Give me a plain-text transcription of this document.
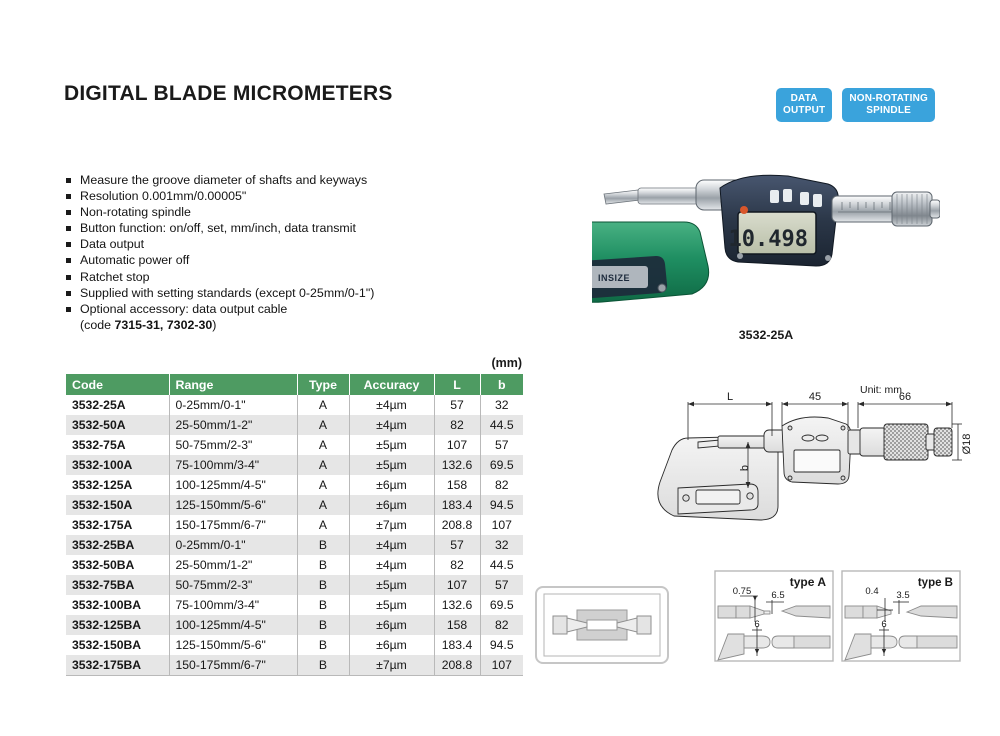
DIGITAL BLADE MICROMETERS	DATA
OUTPUT
NON-ROTATING
SPINDLE
Measure the groove diameter of shafts and keyways
Resolution 0.001mm/0.00005"
Non-rotating spindle
Button function: on/off, set, mm/inch, data transmit
Data output
Automatic power off
Ratchet stop
Supplied with setting standards (except 0-25mm/0-1")
Optional accessory: data output cable
(code 7315-31, 7302-30)
(mm)
Code	Range	Type	Accuracy	L	b
3532-25A	0-25mm/0-1"	A	±4µm	57	32
3532-50A	25-50mm/1-2"	A	±4µm	82	44.5
3532-75A	50-75mm/2-3"	A	±5µm	107	57
3532-100A	75-100mm/3-4"	A	±5µm	132.6	69.5
3532-125A	100-125mm/4-5"	A	±6µm	158	82
3532-150A	125-150mm/5-6"	A	±6µm	183.4	94.5
3532-175A	150-175mm/6-7"	A	±7µm	208.8	107
3532-25BA	0-25mm/0-1"	B	±4µm	57	32
3532-50BA	25-50mm/1-2"	B	±4µm	82	44.5
3532-75BA	50-75mm/2-3"	B	±5µm	107	57
3532-100BA	75-100mm/3-4"	B	±5µm	132.6	69.5
3532-125BA	100-125mm/4-5"	B	±6µm	158	82
3532-150BA	125-150mm/5-6"	B	±6µm	183.4	94.5
3532-175BA	150-175mm/6-7"	B	±7µm	208.8	107
INSIZE
10.498
3532-25A
Unit: mm
L	45	66
b
Ø18
0.75 6.5
6
type A
0.4 3.5
6
type B
